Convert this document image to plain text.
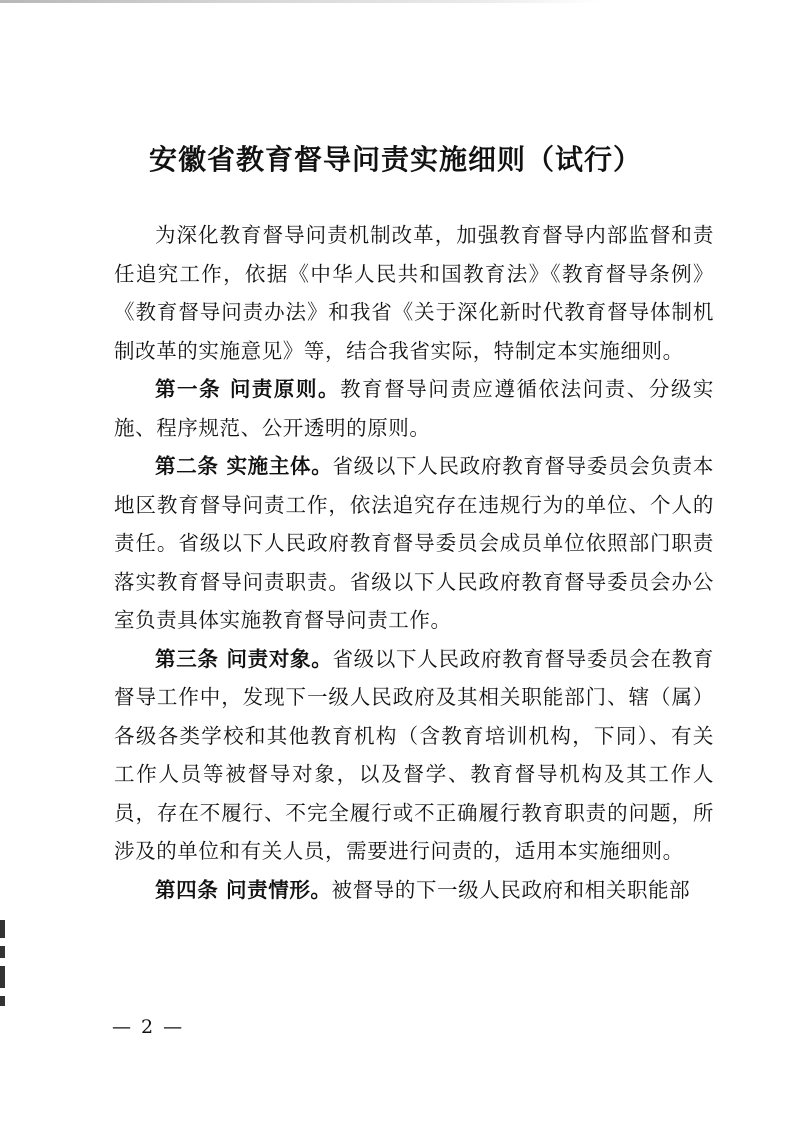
安徽省教育督导问责实施细则（试行）

为深化教育督导问责机制改革，加强教育督导内部监督和责任追究工作，依据《中华人民共和国教育法》《教育督导条例》《教育督导问责办法》和我省《关于深化新时代教育督导体制机制改革的实施意见》等，结合我省实际，特制定本实施细则。

第一条 问责原则。教育督导问责应遵循依法问责、分级实施、程序规范、公开透明的原则。

第二条 实施主体。省级以下人民政府教育督导委员会负责本地区教育督导问责工作，依法追究存在违规行为的单位、个人的责任。省级以下人民政府教育督导委员会成员单位依照部门职责落实教育督导问责职责。省级以下人民政府教育督导委员会办公室负责具体实施教育督导问责工作。

第三条 问责对象。省级以下人民政府教育督导委员会在教育督导工作中，发现下一级人民政府及其相关职能部门、辖（属）各级各类学校和其他教育机构（含教育培训机构，下同）、有关工作人员等被督导对象，以及督学、教育督导机构及其工作人员，存在不履行、不完全履行或不正确履行教育职责的问题，所涉及的单位和有关人员，需要进行问责的，适用本实施细则。

第四条 问责情形。被督导的下一级人民政府和相关职能部

— 2 —
